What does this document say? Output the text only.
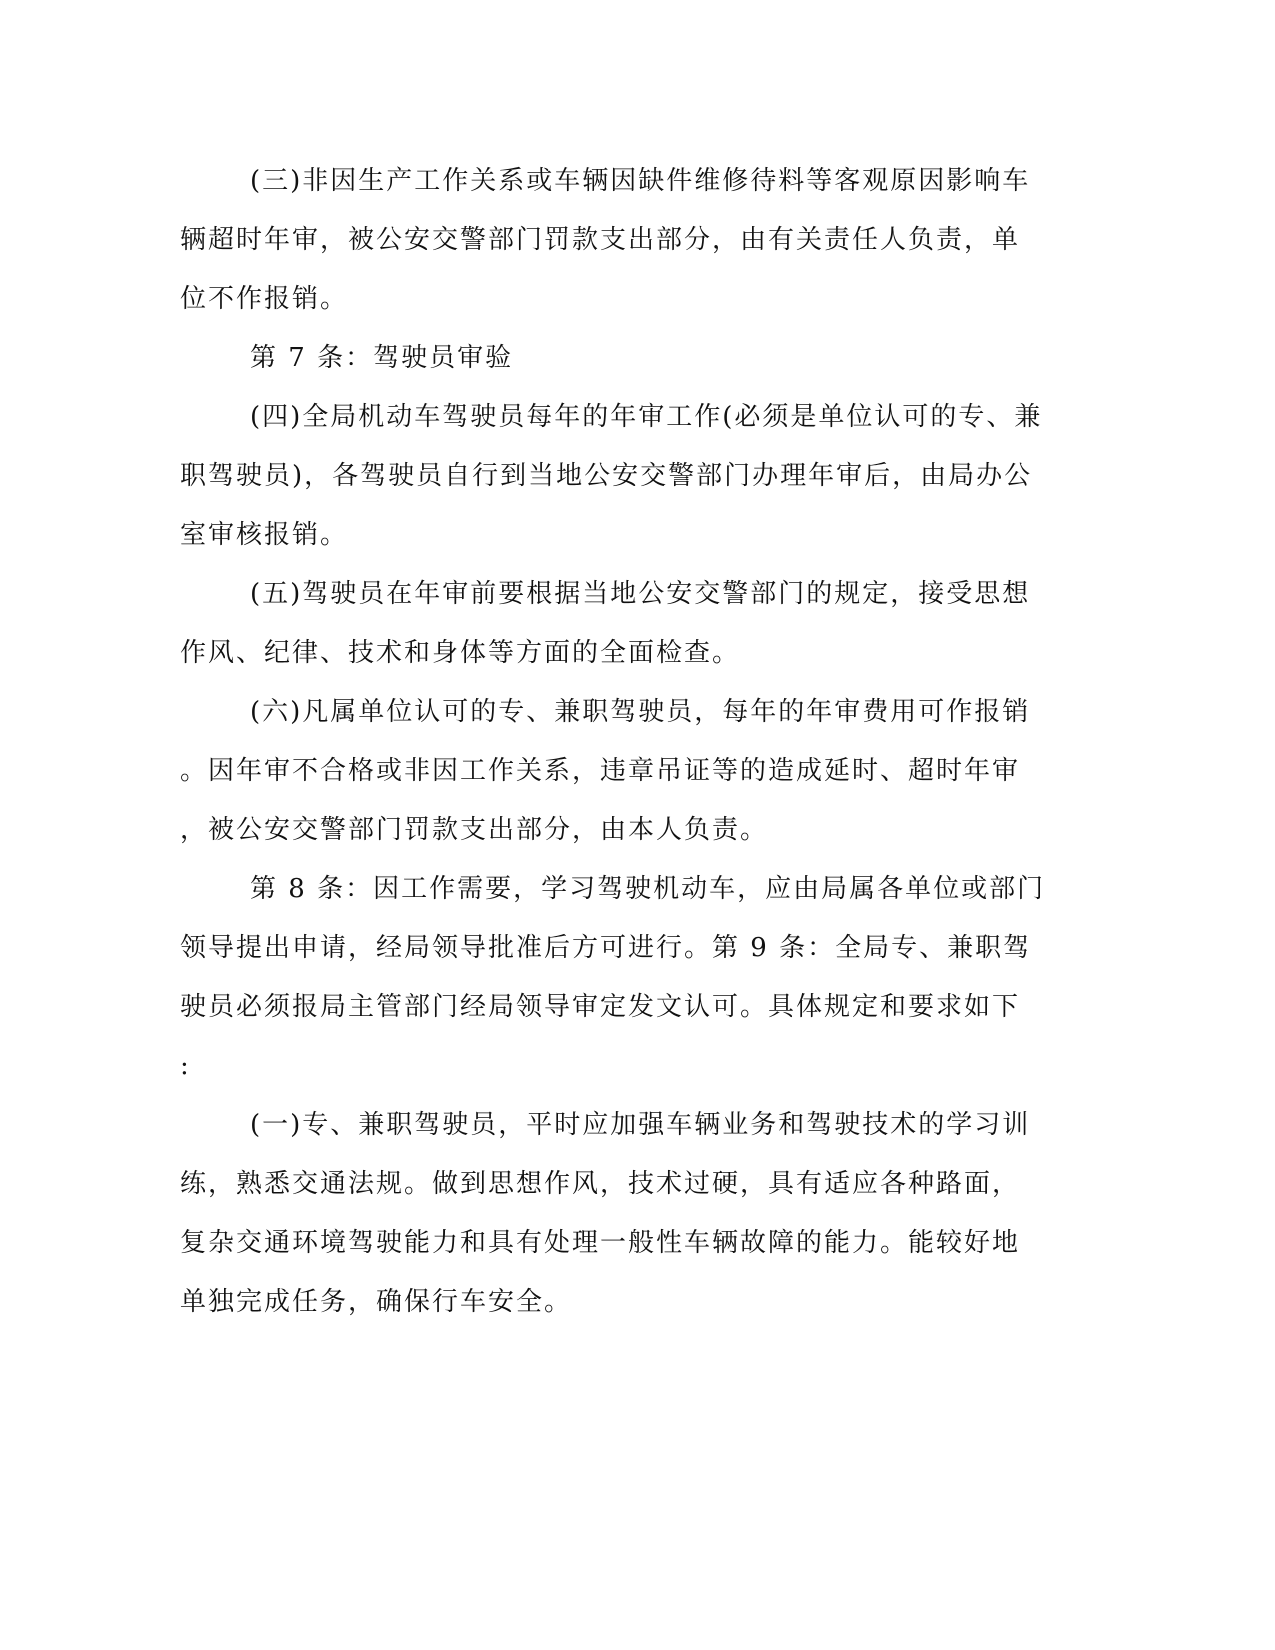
(三)非因生产工作关系或车辆因缺件维修待料等客观原因影响车
辆超时年审，被公安交警部门罚款支出部分，由有关责任人负责，单
位不作报销。
第 7 条：驾驶员审验
(四)全局机动车驾驶员每年的年审工作(必须是单位认可的专、兼
职驾驶员)，各驾驶员自行到当地公安交警部门办理年审后，由局办公
室审核报销。
(五)驾驶员在年审前要根据当地公安交警部门的规定，接受思想
作风、纪律、技术和身体等方面的全面检查。
(六)凡属单位认可的专、兼职驾驶员，每年的年审费用可作报销
。因年审不合格或非因工作关系，违章吊证等的造成延时、超时年审
，被公安交警部门罚款支出部分，由本人负责。
第 8 条：因工作需要，学习驾驶机动车，应由局属各单位或部门
领导提出申请，经局领导批准后方可进行。第 9 条：全局专、兼职驾
驶员必须报局主管部门经局领导审定发文认可。具体规定和要求如下
:
(一)专、兼职驾驶员，平时应加强车辆业务和驾驶技术的学习训
练，熟悉交通法规。做到思想作风，技术过硬，具有适应各种路面，
复杂交通环境驾驶能力和具有处理一般性车辆故障的能力。能较好地
单独完成任务，确保行车安全。
